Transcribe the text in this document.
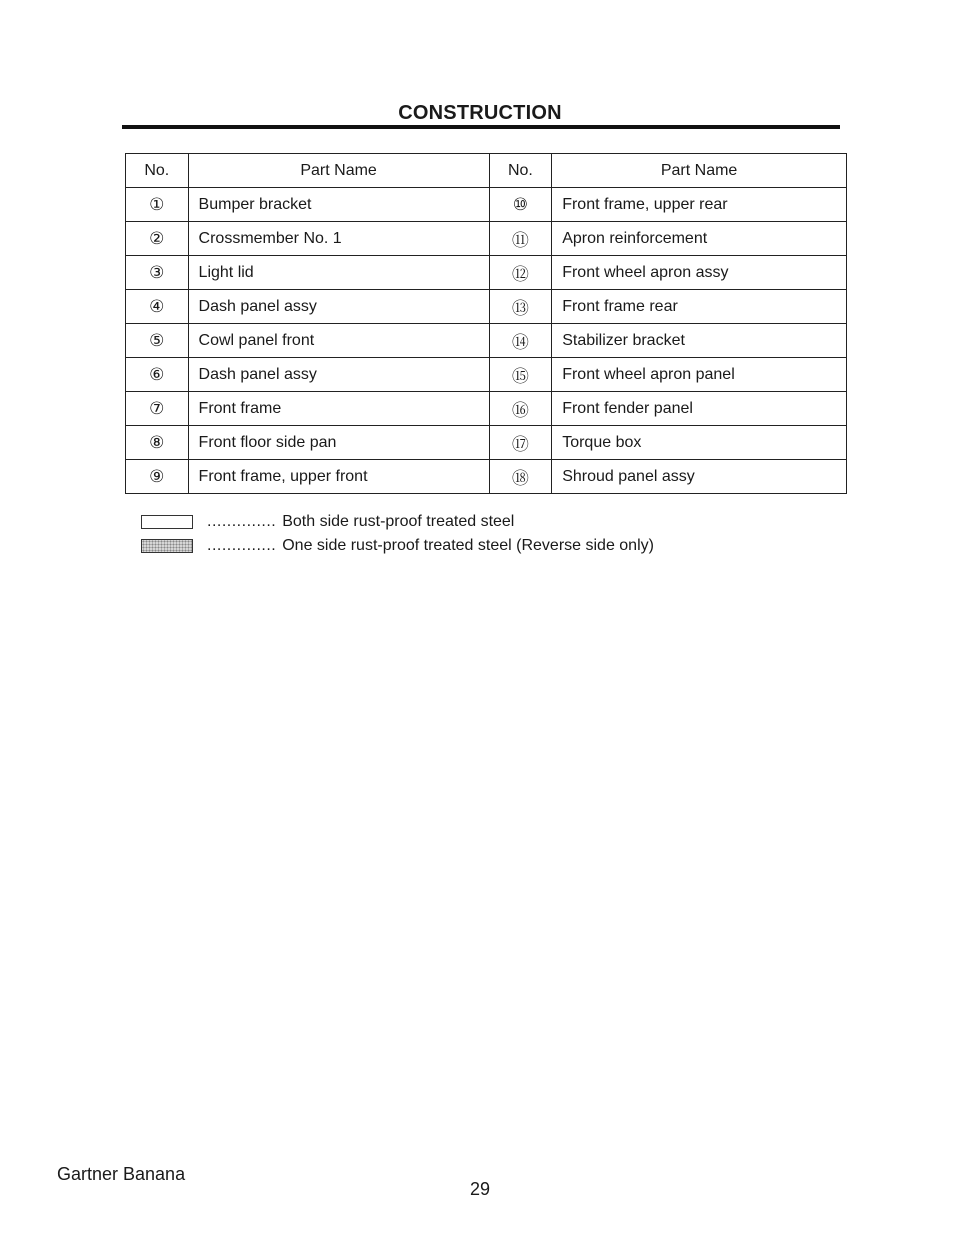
CONSTRUCTION
No.	Part Name	No.	Part Name
①	Bumper bracket	⑩	Front frame, upper rear
②	Crossmember No. 1	⑪	Apron reinforcement
③	Light lid	⑫	Front wheel apron assy
④	Dash panel assy	⑬	Front frame rear
⑤	Cowl panel front	⑭	Stabilizer bracket
⑥	Dash panel assy	⑮	Front wheel apron panel
⑦	Front frame	⑯	Front fender panel
⑧	Front floor side pan	⑰	Torque box
⑨	Front frame, upper front	⑱	Shroud panel assy
.............. Both side rust-proof treated steel
.............. One side rust-proof treated steel (Reverse side only)
Gartner Banana
29
